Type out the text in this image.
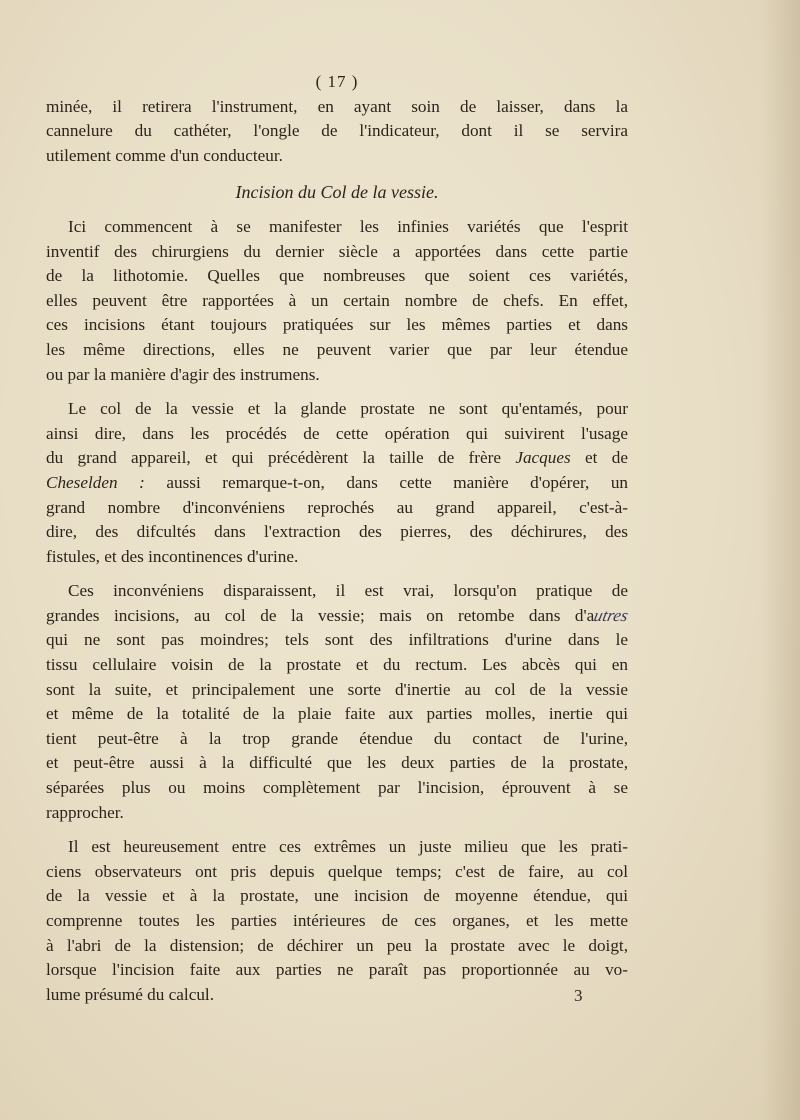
( 17 )
minée, il retirera l'instrument, en ayant soin de laisser, dans la
cannelure du cathéter, l'ongle de l'indicateur, dont il se servira
utilement comme d'un conducteur.
Incision du Col de la vessie.
Ici commencent à se manifester les infinies variétés que l'esprit
inventif des chirurgiens du dernier siècle a apportées dans cette partie
de la lithotomie. Quelles que nombreuses que soient ces variétés,
elles peuvent être rapportées à un certain nombre de chefs. En effet,
ces incisions étant toujours pratiquées sur les mêmes parties et dans
les même directions, elles ne peuvent varier que par leur étendue
ou par la manière d'agir des instrumens.
Le col de la vessie et la glande prostate ne sont qu'entamés, pour
ainsi dire, dans les procédés de cette opération qui suivirent l'usage
du grand appareil, et qui précédèrent la taille de frère Jacques et de
Cheselden : aussi remarque-t-on, dans cette manière d'opérer, un
grand nombre d'inconvéniens reprochés au grand appareil, c'est-à-
dire, des difcultés dans l'extraction des pierres, des déchirures, des
fistules, et des incontinences d'urine.
Ces inconvéniens disparaissent, il est vrai, lorsqu'on pratique de
grandes incisions, au col de la vessie; mais on retombe dans d'autres
qui ne sont pas moindres; tels sont des infiltrations d'urine dans le
tissu cellulaire voisin de la prostate et du rectum. Les abcès qui en
sont la suite, et principalement une sorte d'inertie au col de la vessie
et même de la totalité de la plaie faite aux parties molles, inertie qui
tient peut-être à la trop grande étendue du contact de l'urine,
et peut-être aussi à la difficulté que les deux parties de la prostate,
séparées plus ou moins complètement par l'incision, éprouvent à se
rapprocher.
Il est heureusement entre ces extrêmes un juste milieu que les prati-
ciens observateurs ont pris depuis quelque temps; c'est de faire, au col
de la vessie et à la prostate, une incision de moyenne étendue, qui
comprenne toutes les parties intérieures de ces organes, et les mette
à l'abri de la distension; de déchirer un peu la prostate avec le doigt,
lorsque l'incision faite aux parties ne paraît pas proportionnée au vo-
lume présumé du calcul.	3
